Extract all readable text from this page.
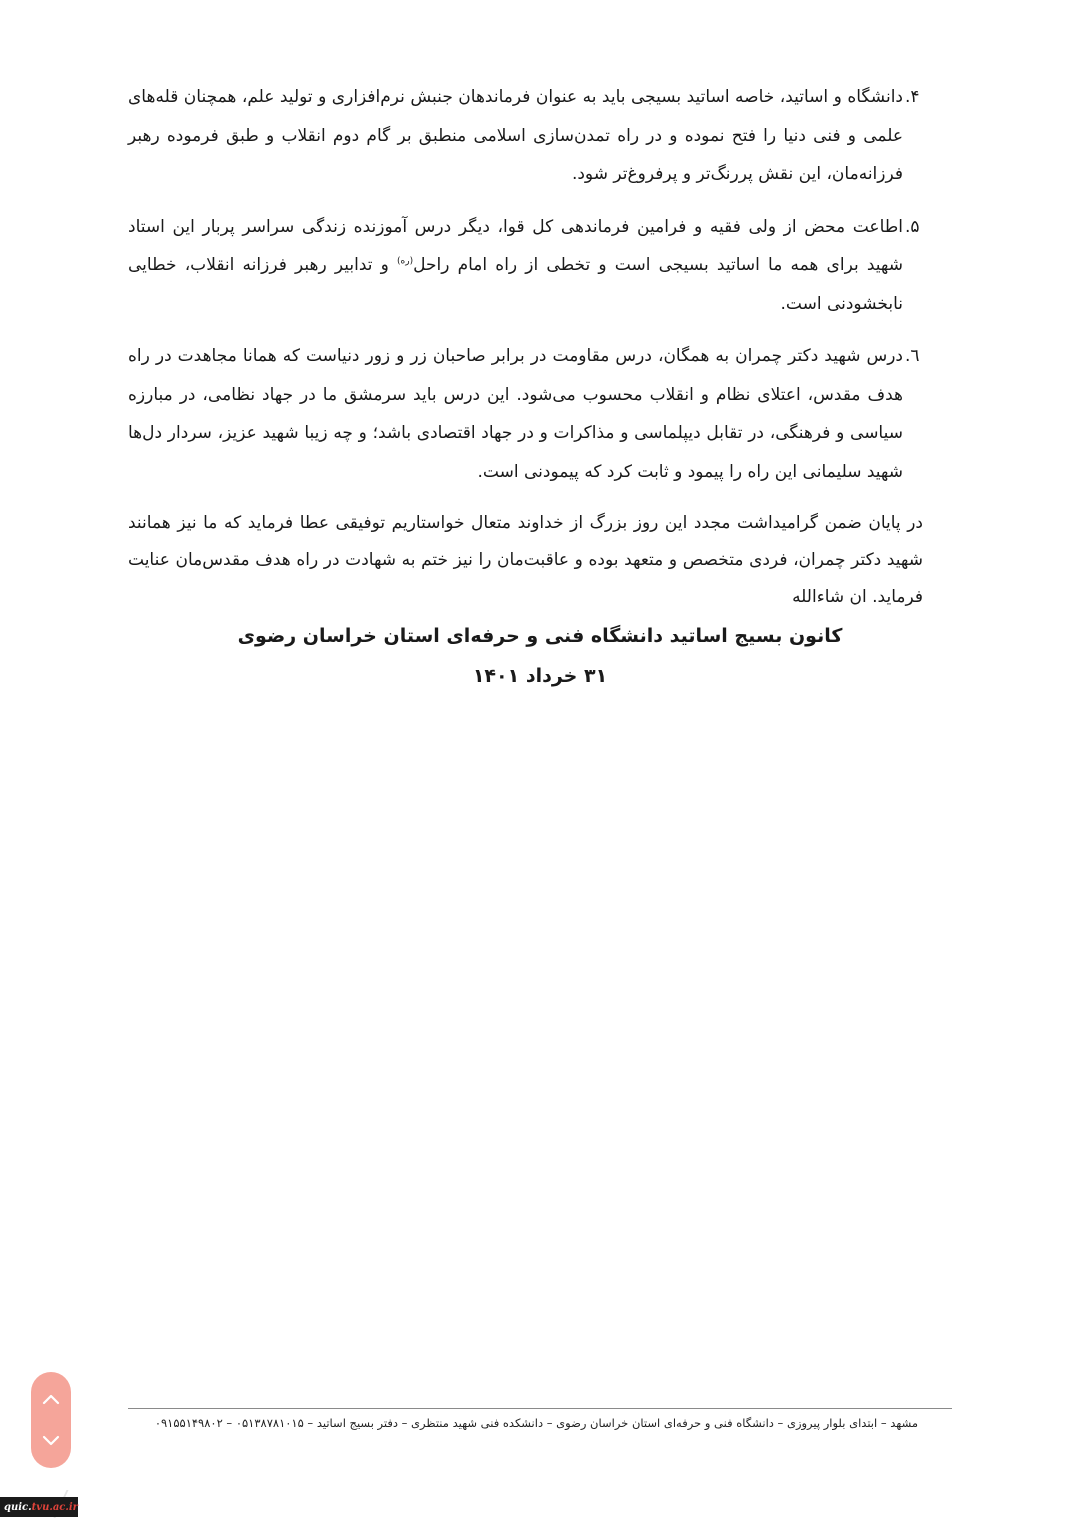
۴.
دانشگاه و اساتید، خاصه اساتید بسیجی باید به عنوان فرماندهان جنبش نرم‌افزاری و تولید علم، همچنان قله‌های علمی و فنی دنیا را فتح نموده و در راه تمدن‌سازی اسلامی منطبق بر گام دوم انقلاب و طبق فرموده رهبر فرزانه‌مان، این نقش پررنگ‌تر و پرفروغ‌تر شود.
۵.
اطاعت محض از ولی فقیه و فرامین فرماندهی کل قوا، دیگر درس آموزنده زندگی سراسر پربار این استاد شهید برای همه ما اساتید بسیجی است و تخطی از راه امام راحل$^{(ره)}$ و تدابیر رهبر فرزانه انقلاب، خطایی نابخشودنی است.
٦.
درس شهید دکتر چمران به همگان، درس مقاومت در برابر صاحبان زر و زور دنیاست که همانا مجاهدت در راه هدف مقدس، اعتلای نظام و انقلاب محسوب می‌شود. این درس باید سرمشق ما در جهاد نظامی، در مبارزه سیاسی و فرهنگی، در تقابل دیپلماسی و مذاکرات و در جهاد اقتصادی باشد؛ و چه زیبا شهید عزیز، سردار دل‌ها شهید سلیمانی این راه را پیمود و ثابت کرد که پیمودنی است.
در پایان ضمن گرامیداشت مجدد این روز بزرگ از خداوند متعال خواستاریم توفیقی عطا فرماید که ما نیز همانند شهید دکتر چمران، فردی متخصص و متعهد بوده و عاقبت‌مان را نیز ختم به شهادت در راه هدف مقدس‌مان عنایت فرماید. ان شاءالله
کانون بسیج اساتید دانشگاه فنی و حرفه‌ای استان خراسان رضوی
۳۱ خرداد ۱۴۰۱
مشهد – ابتدای بلوار پیروزی – دانشگاه فنی و حرفه‌ای استان خراسان رضوی – دانشکده فنی شهید منتظری – دفتر بسیج اساتید – ۰۵۱۳۸۷۸۱۰۱۵ – ۰۹۱۵۵۱۴۹۸۰۲
quic. tvu.ac.ir
